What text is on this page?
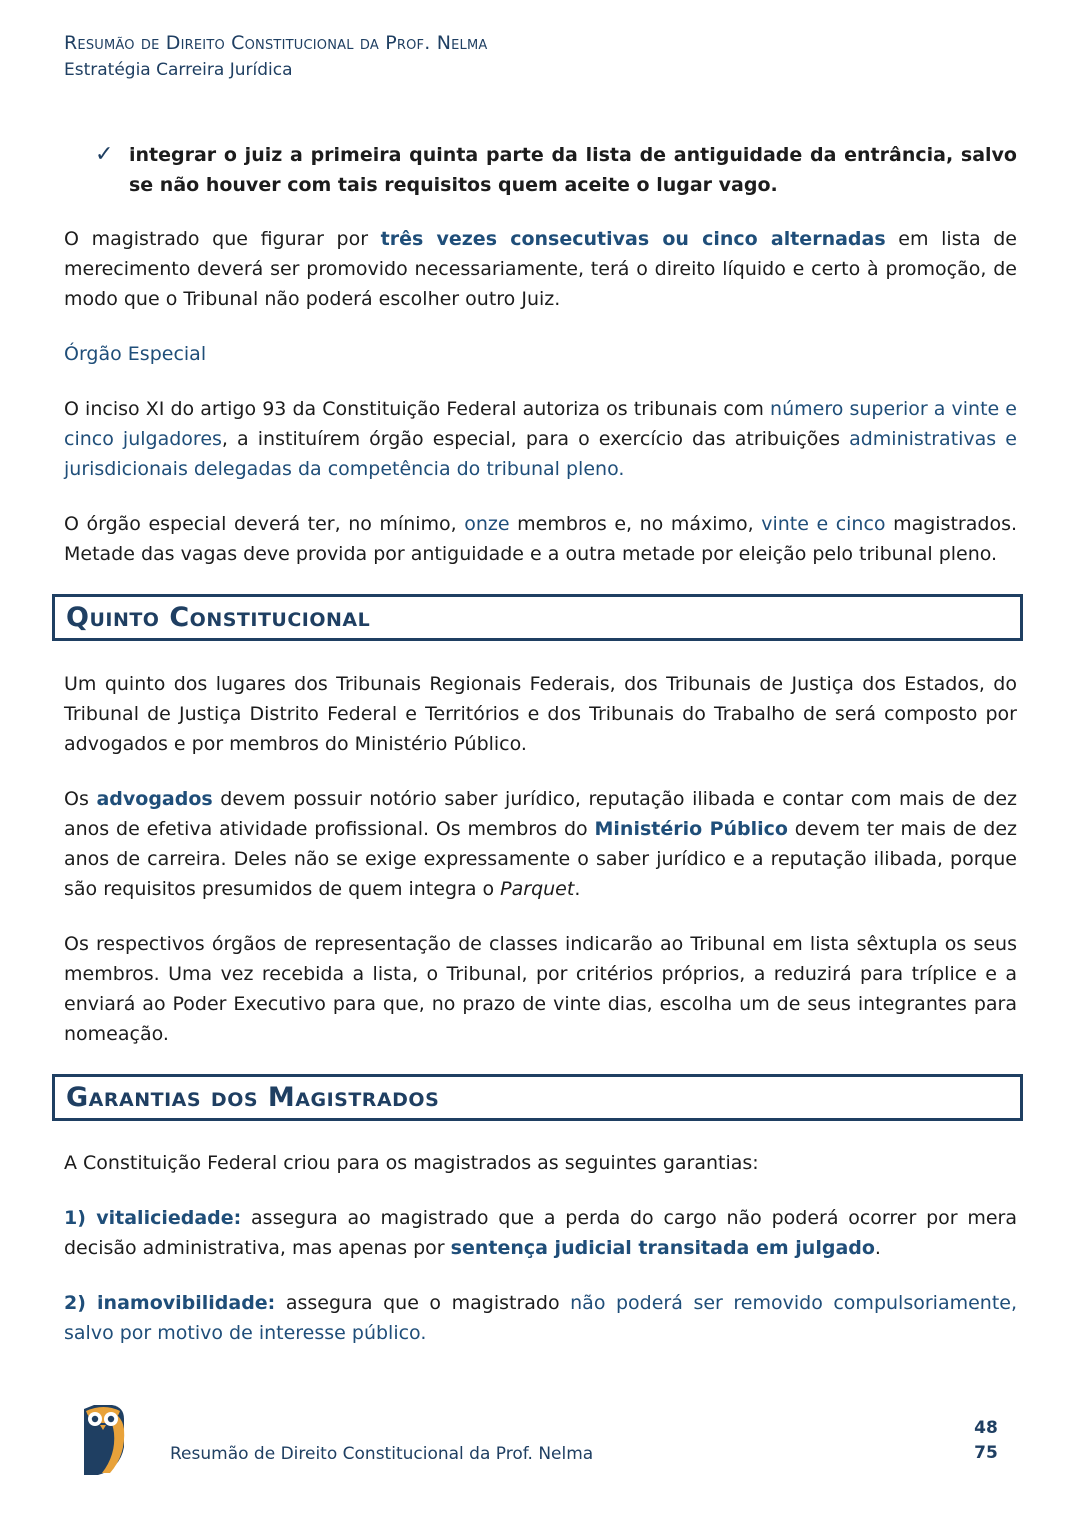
Resumão de Direito Constitucional da Prof. Nelma
Estratégia Carreira Jurídica
✓ integrar o juiz a primeira quinta parte da lista de antiguidade da entrância, salvo se não houver com tais requisitos quem aceite o lugar vago.

O magistrado que figurar por três vezes consecutivas ou cinco alternadas em lista de merecimento deverá ser promovido necessariamente, terá o direito líquido e certo à promoção, de modo que o Tribunal não poderá escolher outro Juiz.

Órgão Especial

O inciso XI do artigo 93 da Constituição Federal autoriza os tribunais com número superior a vinte e cinco julgadores, a instituírem órgão especial, para o exercício das atribuições administrativas e jurisdicionais delegadas da competência do tribunal pleno.

O órgão especial deverá ter, no mínimo, onze membros e, no máximo, vinte e cinco magistrados. Metade das vagas deve provida por antiguidade e a outra metade por eleição pelo tribunal pleno.

Quinto Constitucional

Um quinto dos lugares dos Tribunais Regionais Federais, dos Tribunais de Justiça dos Estados, do Tribunal de Justiça Distrito Federal e Territórios e dos Tribunais do Trabalho de será composto por advogados e por membros do Ministério Público.

Os advogados devem possuir notório saber jurídico, reputação ilibada e contar com mais de dez anos de efetiva atividade profissional. Os membros do Ministério Público devem ter mais de dez anos de carreira. Deles não se exige expressamente o saber jurídico e a reputação ilibada, porque são requisitos presumidos de quem integra o Parquet.

Os respectivos órgãos de representação de classes indicarão ao Tribunal em lista sêxtupla os seus membros. Uma vez recebida a lista, o Tribunal, por critérios próprios, a reduzirá para tríplice e a enviará ao Poder Executivo para que, no prazo de vinte dias, escolha um de seus integrantes para nomeação.

Garantias dos Magistrados

A Constituição Federal criou para os magistrados as seguintes garantias:

1) vitaliciedade: assegura ao magistrado que a perda do cargo não poderá ocorrer por mera decisão administrativa, mas apenas por sentença judicial transitada em julgado.

2) inamovibilidade: assegura que o magistrado não poderá ser removido compulsoriamente, salvo por motivo de interesse público.

Resumão de Direito Constitucional da Prof. Nelma
48
75
